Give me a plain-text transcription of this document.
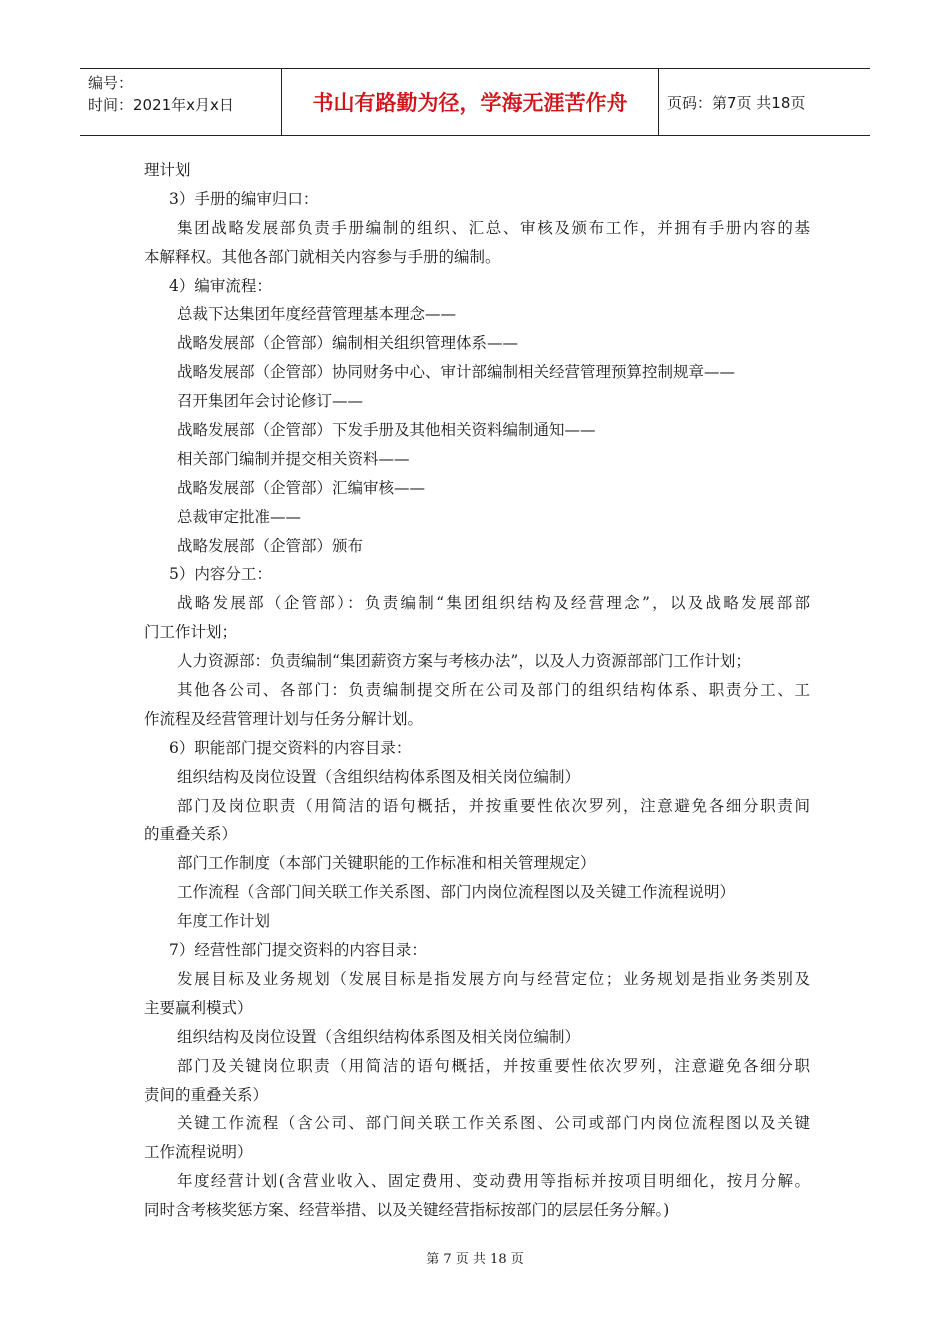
编号：
时间：2021年x月x日	书山有路勤为径，学海无涯苦作舟	页码：第7页 共18页
理计划
3）手册的编审归口：
集团战略发展部负责手册编制的组织、汇总、审核及颁布工作，并拥有手册内容的基
本解释权。其他各部门就相关内容参与手册的编制。
4）编审流程：
总裁下达集团年度经营管理基本理念——
战略发展部（企管部）编制相关组织管理体系——
战略发展部（企管部）协同财务中心、审计部编制相关经营管理预算控制规章——
召开集团年会讨论修订——
战略发展部（企管部）下发手册及其他相关资料编制通知——
相关部门编制并提交相关资料——
战略发展部（企管部）汇编审核——
总裁审定批准——
战略发展部（企管部）颁布
5）内容分工：
战略发展部（企管部）：负责编制“集团组织结构及经营理念”，以及战略发展部部
门工作计划；
人力资源部：负责编制“集团薪资方案与考核办法”，以及人力资源部部门工作计划；
其他各公司、各部门：负责编制提交所在公司及部门的组织结构体系、职责分工、工
作流程及经营管理计划与任务分解计划。
6）职能部门提交资料的内容目录：
组织结构及岗位设置（含组织结构体系图及相关岗位编制）
部门及岗位职责（用简洁的语句概括，并按重要性依次罗列，注意避免各细分职责间
的重叠关系）
部门工作制度（本部门关键职能的工作标准和相关管理规定）
工作流程（含部门间关联工作关系图、部门内岗位流程图以及关键工作流程说明）
年度工作计划
7）经营性部门提交资料的内容目录：
发展目标及业务规划（发展目标是指发展方向与经营定位；业务规划是指业务类别及
主要赢利模式）
组织结构及岗位设置（含组织结构体系图及相关岗位编制）
部门及关键岗位职责（用简洁的语句概括，并按重要性依次罗列，注意避免各细分职
责间的重叠关系）
关键工作流程（含公司、部门间关联工作关系图、公司或部门内岗位流程图以及关键
工作流程说明）
年度经营计划(含营业收入、固定费用、变动费用等指标并按项目明细化，按月分解。
同时含考核奖惩方案、经营举措、以及关键经营指标按部门的层层任务分解。)
第 7 页 共 18 页
